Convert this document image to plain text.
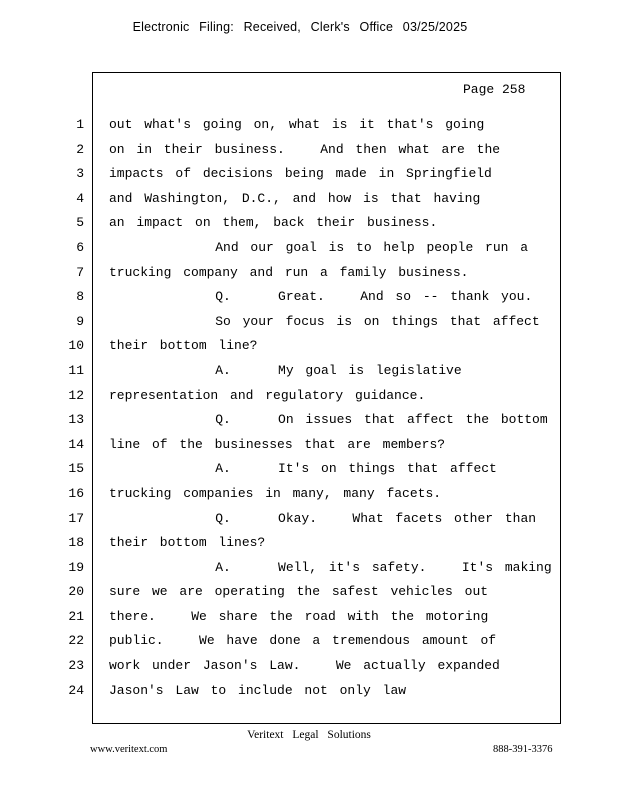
Electronic Filing: Received, Clerk's Office 03/25/2025
Page 258
1
2
3
4
5
6
7
8
9
10
11
12
13
14
15
16
17
18
19
20
21
22
23
24
out what's going on, what is it that's going
on in their business.   And then what are the
impacts of decisions being made in Springfield
and Washington, D.C., and how is that having
an impact on them, back their business.
And our goal is to help people run a
trucking company and run a family business.
Q.    Great.   And so -- thank you.
So your focus is on things that affect
their bottom line?
A.    My goal is legislative
representation and regulatory guidance.
Q.    On issues that affect the bottom
line of the businesses that are members?
A.    It's on things that affect
trucking companies in many, many facets.
Q.    Okay.   What facets other than
their bottom lines?
A.    Well, it's safety.   It's making
sure we are operating the safest vehicles out
there.   We share the road with the motoring
public.   We have done a tremendous amount of
work under Jason's Law.   We actually expanded
Jason's Law to include not only law
Veritext Legal Solutions
www.veritext.com	888-391-3376
